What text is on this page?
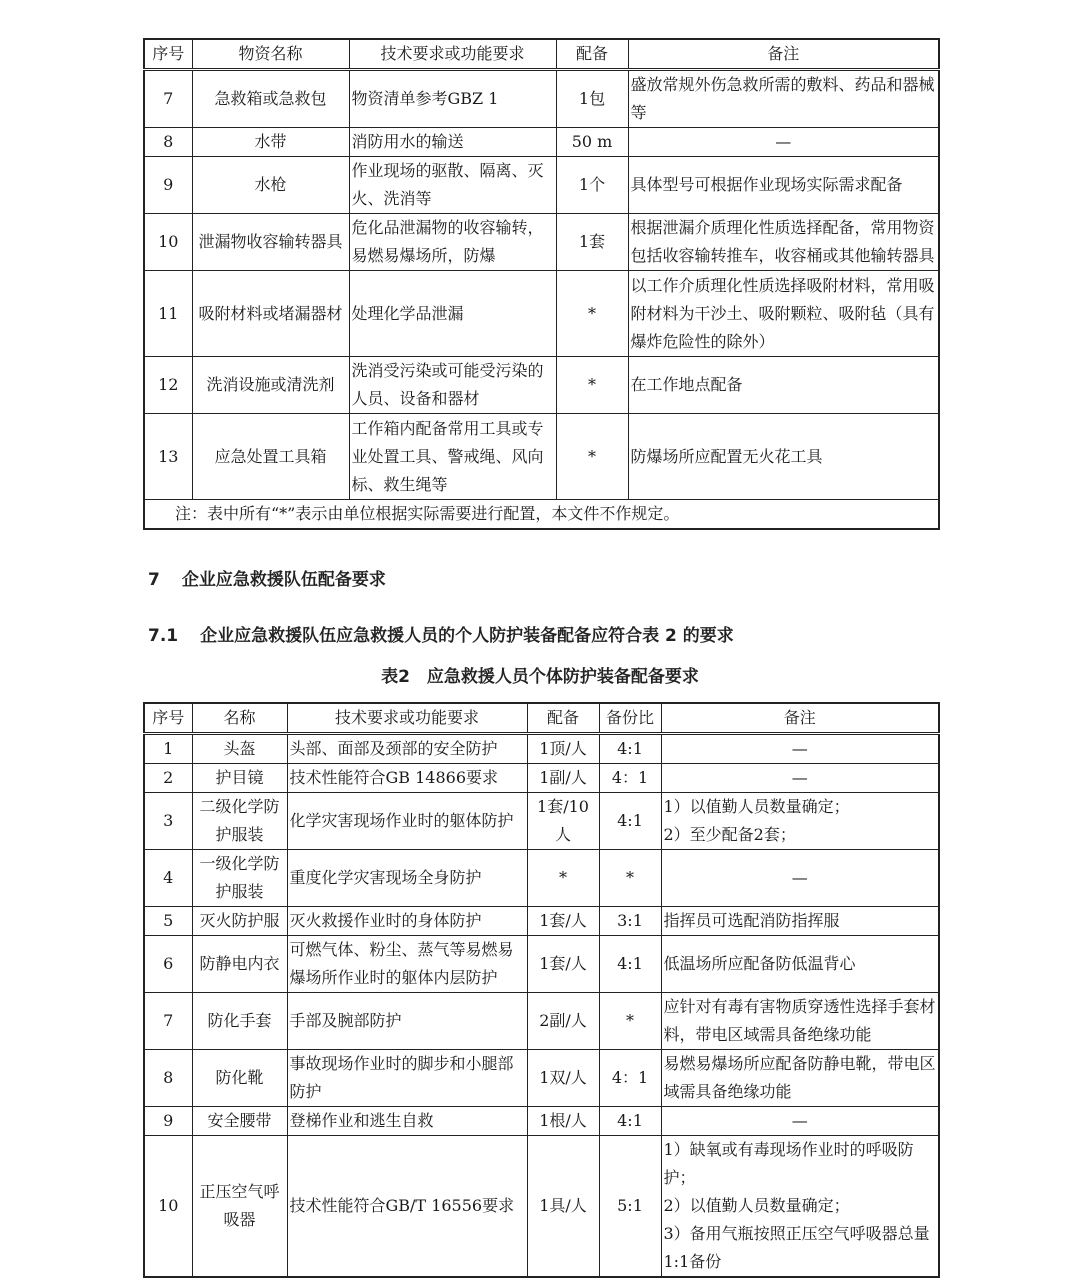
序号	物资名称	技术要求或功能要求	配备	备注
7	急救箱或急救包	物资清单参考GBZ 1	1包	盛放常规外伤急救所需的敷料、药品和器械等
8	水带	消防用水的输送	50 m	—
9	水枪	作业现场的驱散、隔离、灭火、洗消等	1个	具体型号可根据作业现场实际需求配备
10	泄漏物收容输转器具	危化品泄漏物的收容输转，易燃易爆场所，防爆	1套	根据泄漏介质理化性质选择配备，常用物资包括收容输转推车，收容桶或其他输转器具
11	吸附材料或堵漏器材	处理化学品泄漏	*	以工作介质理化性质选择吸附材料，常用吸附材料为干沙土、吸附颗粒、吸附毡（具有爆炸危险性的除外）
12	洗消设施或清洗剂	洗消受污染或可能受污染的人员、设备和器材	*	在工作地点配备
13	应急处置工具箱	工作箱内配备常用工具或专业处置工具、警戒绳、风向标、救生绳等	*	防爆场所应配置无火花工具
注：表中所有“*”表示由单位根据实际需要进行配置，本文件不作规定。				
7 企业应急救援队伍配备要求
7.1 企业应急救援队伍应急救援人员的个人防护装备配备应符合表 2 的要求
表2　应急救援人员个体防护装备配备要求
序号	名称	技术要求或功能要求	配备	备份比	备注
1	头盔	头部、面部及颈部的安全防护	1顶/人	4:1	—
2	护目镜	技术性能符合GB 14866要求	1副/人	4：1	—
3	二级化学防护服装	化学灾害现场作业时的躯体防护	1套/10人	4:1	1）以值勤人员数量确定；
2）至少配备2套；
4	一级化学防护服装	重度化学灾害现场全身防护	*	*	—
5	灭火防护服	灭火救援作业时的身体防护	1套/人	3:1	指挥员可选配消防指挥服
6	防静电内衣	可燃气体、粉尘、蒸气等易燃易爆场所作业时的躯体内层防护	1套/人	4:1	低温场所应配备防低温背心
7	防化手套	手部及腕部防护	2副/人	*	应针对有毒有害物质穿透性选择手套材料，带电区域需具备绝缘功能
8	防化靴	事故现场作业时的脚步和小腿部防护	1双/人	4：1	易燃易爆场所应配备防静电靴，带电区域需具备绝缘功能
9	安全腰带	登梯作业和逃生自救	1根/人	4:1	—
10	正压空气呼吸器	技术性能符合GB/T 16556要求	1具/人	5:1	1）缺氧或有毒现场作业时的呼吸防护；
2）以值勤人员数量确定；
3）备用气瓶按照正压空气呼吸器总量1:1备份
